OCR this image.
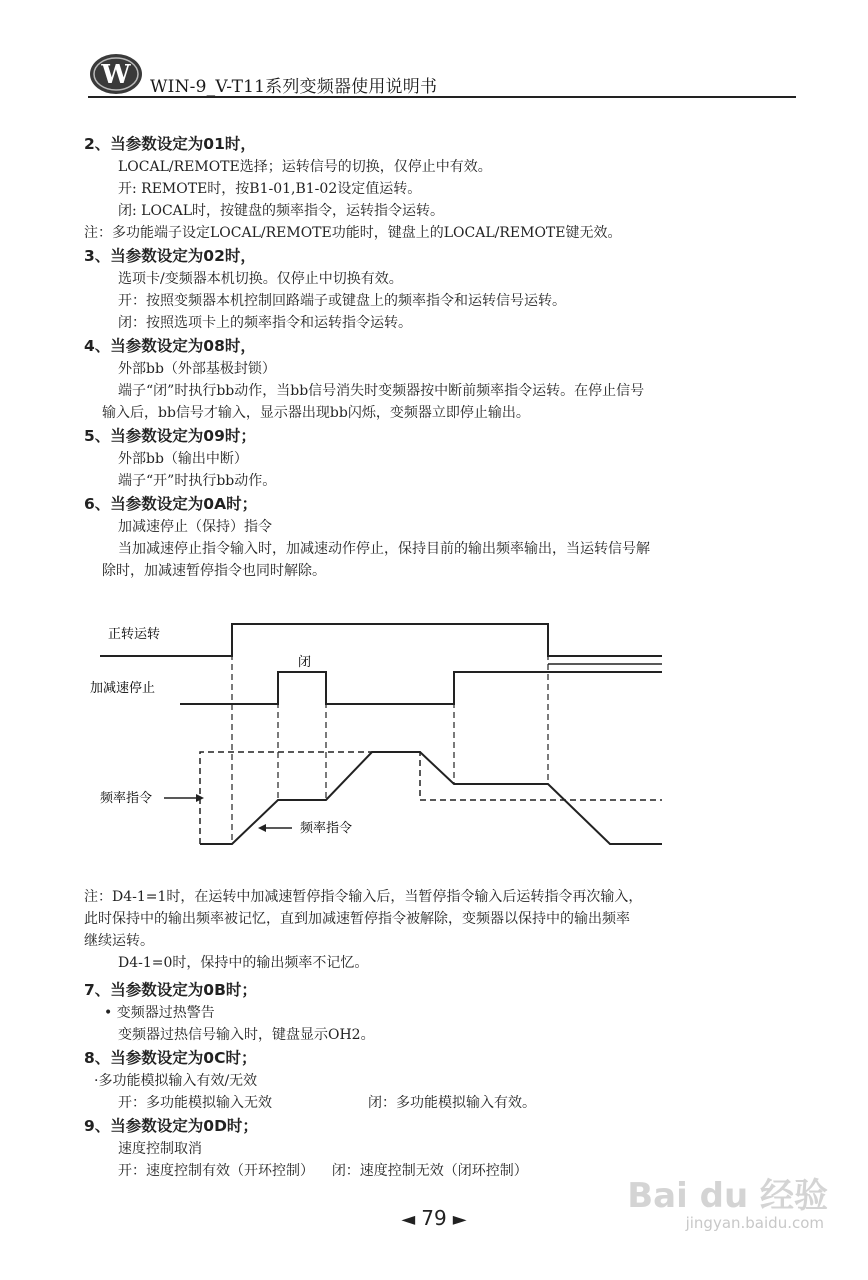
W WIN-9_V-T11系列变频器使用说明书
2、当参数设定为01时，
LOCAL/REMOTE选择；运转信号的切换，仅停止中有效。
开: REMOTE时，按B1-01,B1-02设定值运转。
闭: LOCAL时，按键盘的频率指令，运转指令运转。
注：多功能端子设定LOCAL/REMOTE功能时，键盘上的LOCAL/REMOTE键无效。
3、当参数设定为02时，
选项卡/变频器本机切换。仅停止中切换有效。
开：按照变频器本机控制回路端子或键盘上的频率指令和运转信号运转。
闭：按照选项卡上的频率指令和运转指令运转。
4、当参数设定为08时，
外部bb（外部基极封锁）
端子“闭”时执行bb动作，当bb信号消失时变频器按中断前频率指令运转。在停止信号
输入后，bb信号才输入，显示器出现bb闪烁，变频器立即停止输出。
5、当参数设定为09时；
外部bb（输出中断）
端子“开”时执行bb动作。
6、当参数设定为0A时；
加减速停止（保持）指令
当加减速停止指令输入时，加减速动作停止，保持目前的输出频率输出，当运转信号解
除时，加减速暂停指令也同时解除。
正转运转
闭
加减速停止
频率指令
频率指令
注：D4-1=1时，在运转中加减速暂停指令输入后，当暂停指令输入后运转指令再次输入，
此时保持中的输出频率被记忆，直到加减速暂停指令被解除，变频器以保持中的输出频率
继续运转。
D4-1=0时，保持中的输出频率不记忆。
7、当参数设定为0B时；
• 变频器过热警告
变频器过热信号输入时，键盘显示OH2。
8、当参数设定为0C时；
·多功能模拟输入有效/无效
开：多功能模拟输入无效	闭：多功能模拟输入有效。
9、当参数设定为0D时；
速度控制取消
开：速度控制有效（开环控制） 闭：速度控制无效（闭环控制）
Bai du 经验
jingyan.baidu.com
◄ 79 ►
